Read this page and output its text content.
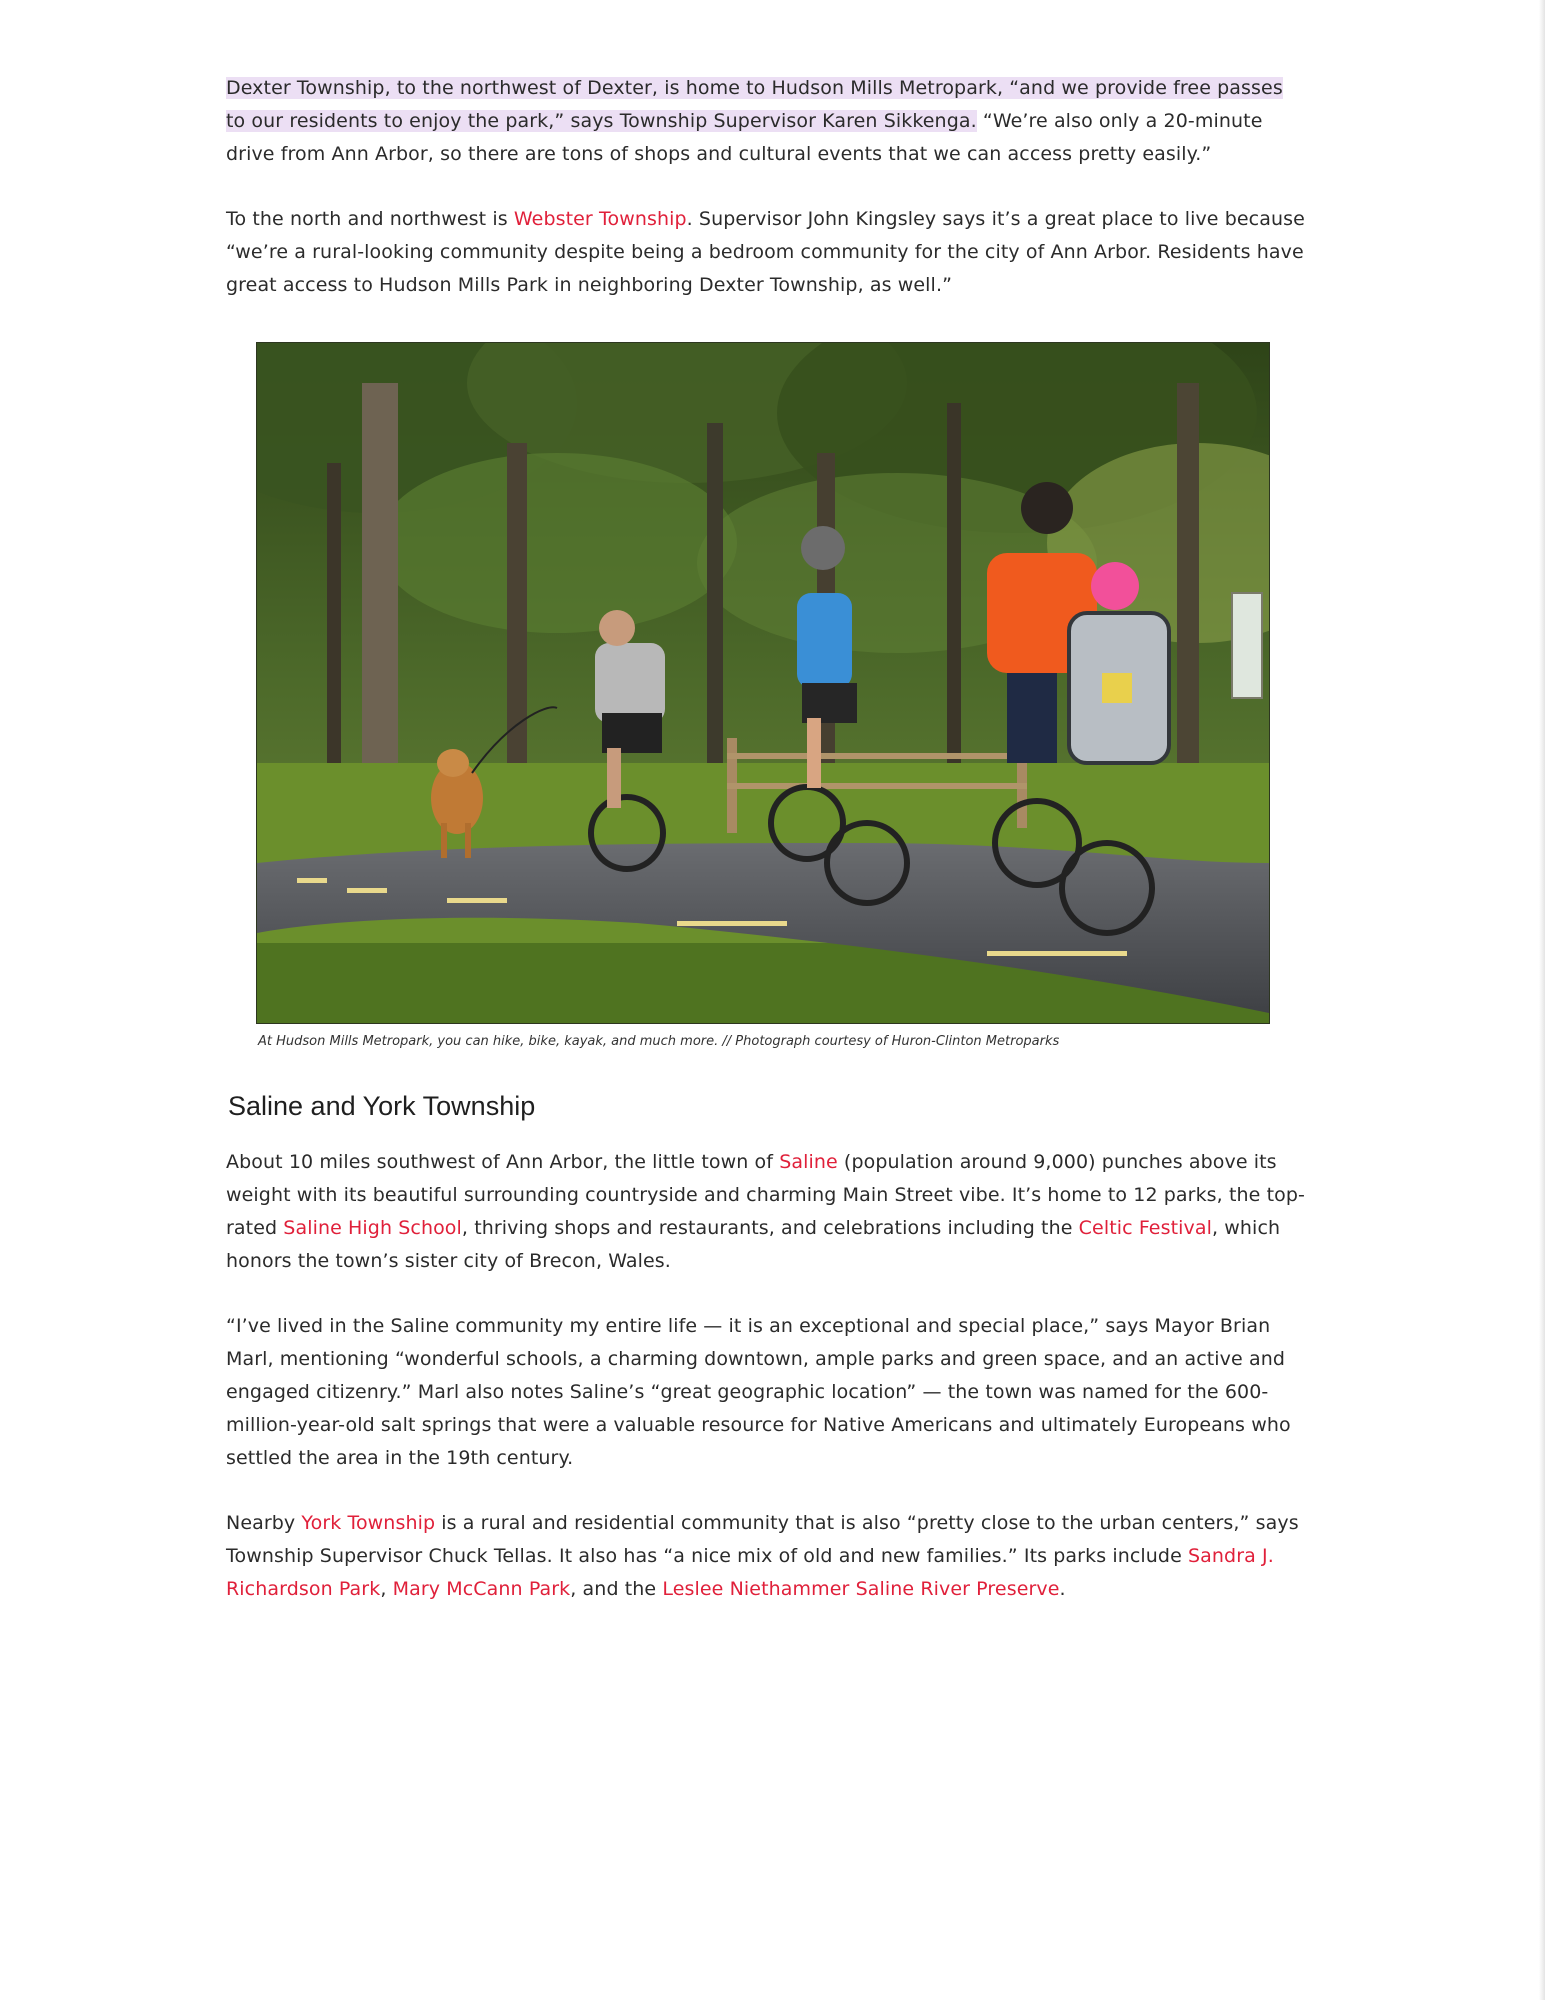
Dexter Township, to the northwest of Dexter, is home to Hudson Mills Metropark, “and we provide free passes to our residents to enjoy the park,” says Township Supervisor Karen Sikkenga. “We’re also only a 20-minute drive from Ann Arbor, so there are tons of shops and cultural events that we can access pretty easily.”

To the north and northwest is Webster Township. Supervisor John Kingsley says it’s a great place to live because “we’re a rural-looking community despite being a bedroom community for the city of Ann Arbor. Residents have great access to Hudson Mills Park in neighboring Dexter Township, as well.”

At Hudson Mills Metropark, you can hike, bike, kayak, and much more. // Photograph courtesy of Huron-Clinton Metroparks
Saline and York Township

About 10 miles southwest of Ann Arbor, the little town of Saline (population around 9,000) punches above its weight with its beautiful surrounding countryside and charming Main Street vibe. It’s home to 12 parks, the top-rated Saline High School, thriving shops and restaurants, and celebrations including the Celtic Festival, which honors the town’s sister city of Brecon, Wales.

“I’ve lived in the Saline community my entire life — it is an exceptional and special place,” says Mayor Brian Marl, mentioning “wonderful schools, a charming downtown, ample parks and green space, and an active and engaged citizenry.” Marl also notes Saline’s “great geographic location” — the town was named for the 600-million-year-old salt springs that were a valuable resource for Native Americans and ultimately Europeans who settled the area in the 19th century.

Nearby York Township is a rural and residential community that is also “pretty close to the urban centers,” says Township Supervisor Chuck Tellas. It also has “a nice mix of old and new families.” Its parks include Sandra J. Richardson Park, Mary McCann Park, and the Leslee Niethammer Saline River Preserve.
